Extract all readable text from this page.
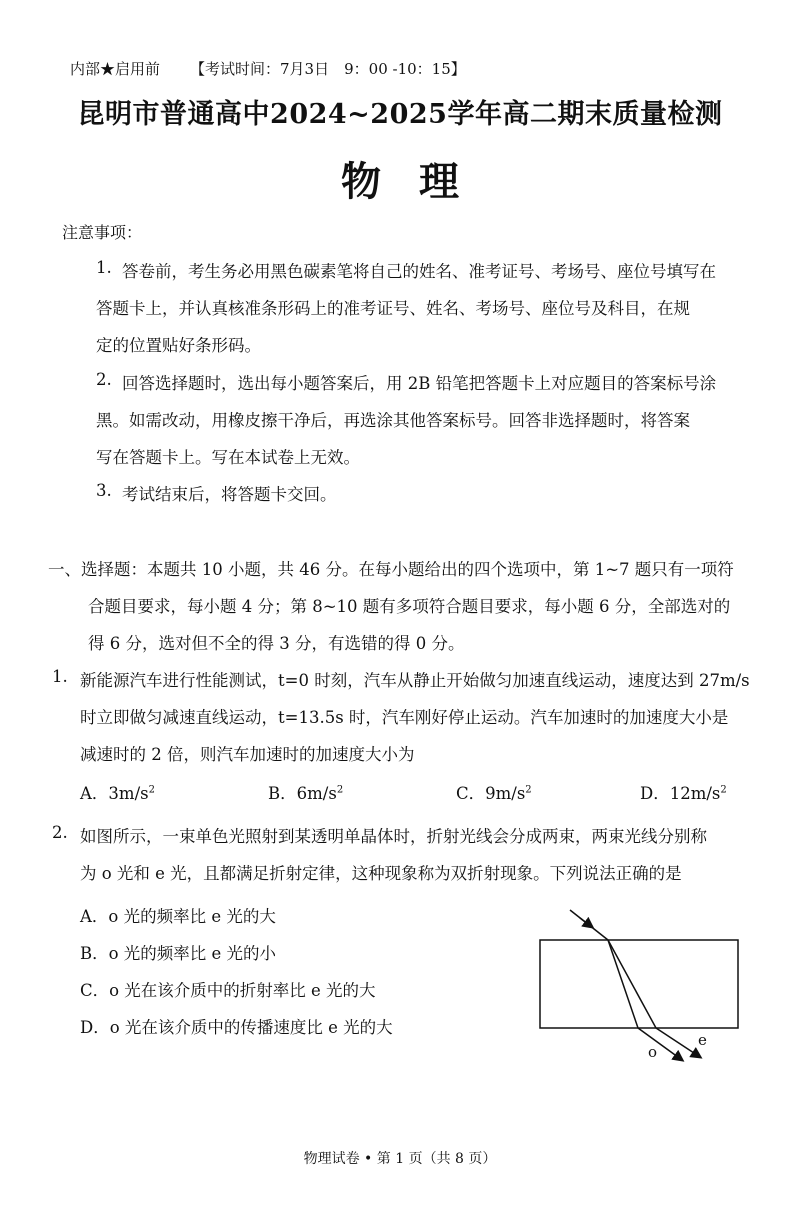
内部★启用前 【考试时间：7月3日　9：00 -10：15】
昆明市普通高中2024~2025学年高二期末质量检测
物理
注意事项：
1. 答卷前，考生务必用黑色碳素笔将自己的姓名、准考证号、考场号、座位号填写在
答题卡上，并认真核准条形码上的准考证号、姓名、考场号、座位号及科目，在规
定的位置贴好条形码。
2. 回答选择题时，选出每小题答案后，用 2B 铅笔把答题卡上对应题目的答案标号涂
黑。如需改动，用橡皮擦干净后，再选涂其他答案标号。回答非选择题时，将答案
写在答题卡上。写在本试卷上无效。
3. 考试结束后，将答题卡交回。
一、选择题：本题共 10 小题，共 46 分。在每小题给出的四个选项中，第 1~7 题只有一项符
合题目要求，每小题 4 分；第 8~10 题有多项符合题目要求，每小题 6 分，全部选对的
得 6 分，选对但不全的得 3 分，有选错的得 0 分。
1. 新能源汽车进行性能测试，t=0 时刻，汽车从静止开始做匀加速直线运动，速度达到 27m/s
时立即做匀减速直线运动，t=13.5s 时，汽车刚好停止运动。汽车加速时的加速度大小是
减速时的 2 倍，则汽车加速时的加速度大小为
A．$3m/s^2$	B．$6m/s^2$	C．$9m/s^2$	D．$12m/s^2$
2. 如图所示，一束单色光照射到某透明单晶体时，折射光线会分成两束，两束光线分别称
为 o 光和 e 光，且都满足折射定律，这种现象称为双折射现象。下列说法正确的是
A．o 光的频率比 e 光的大
B．o 光的频率比 e 光的小
C．o 光在该介质中的折射率比 e 光的大
D．o 光在该介质中的传播速度比 e 光的大
o
e
物理试卷 • 第 1 页（共 8 页）
